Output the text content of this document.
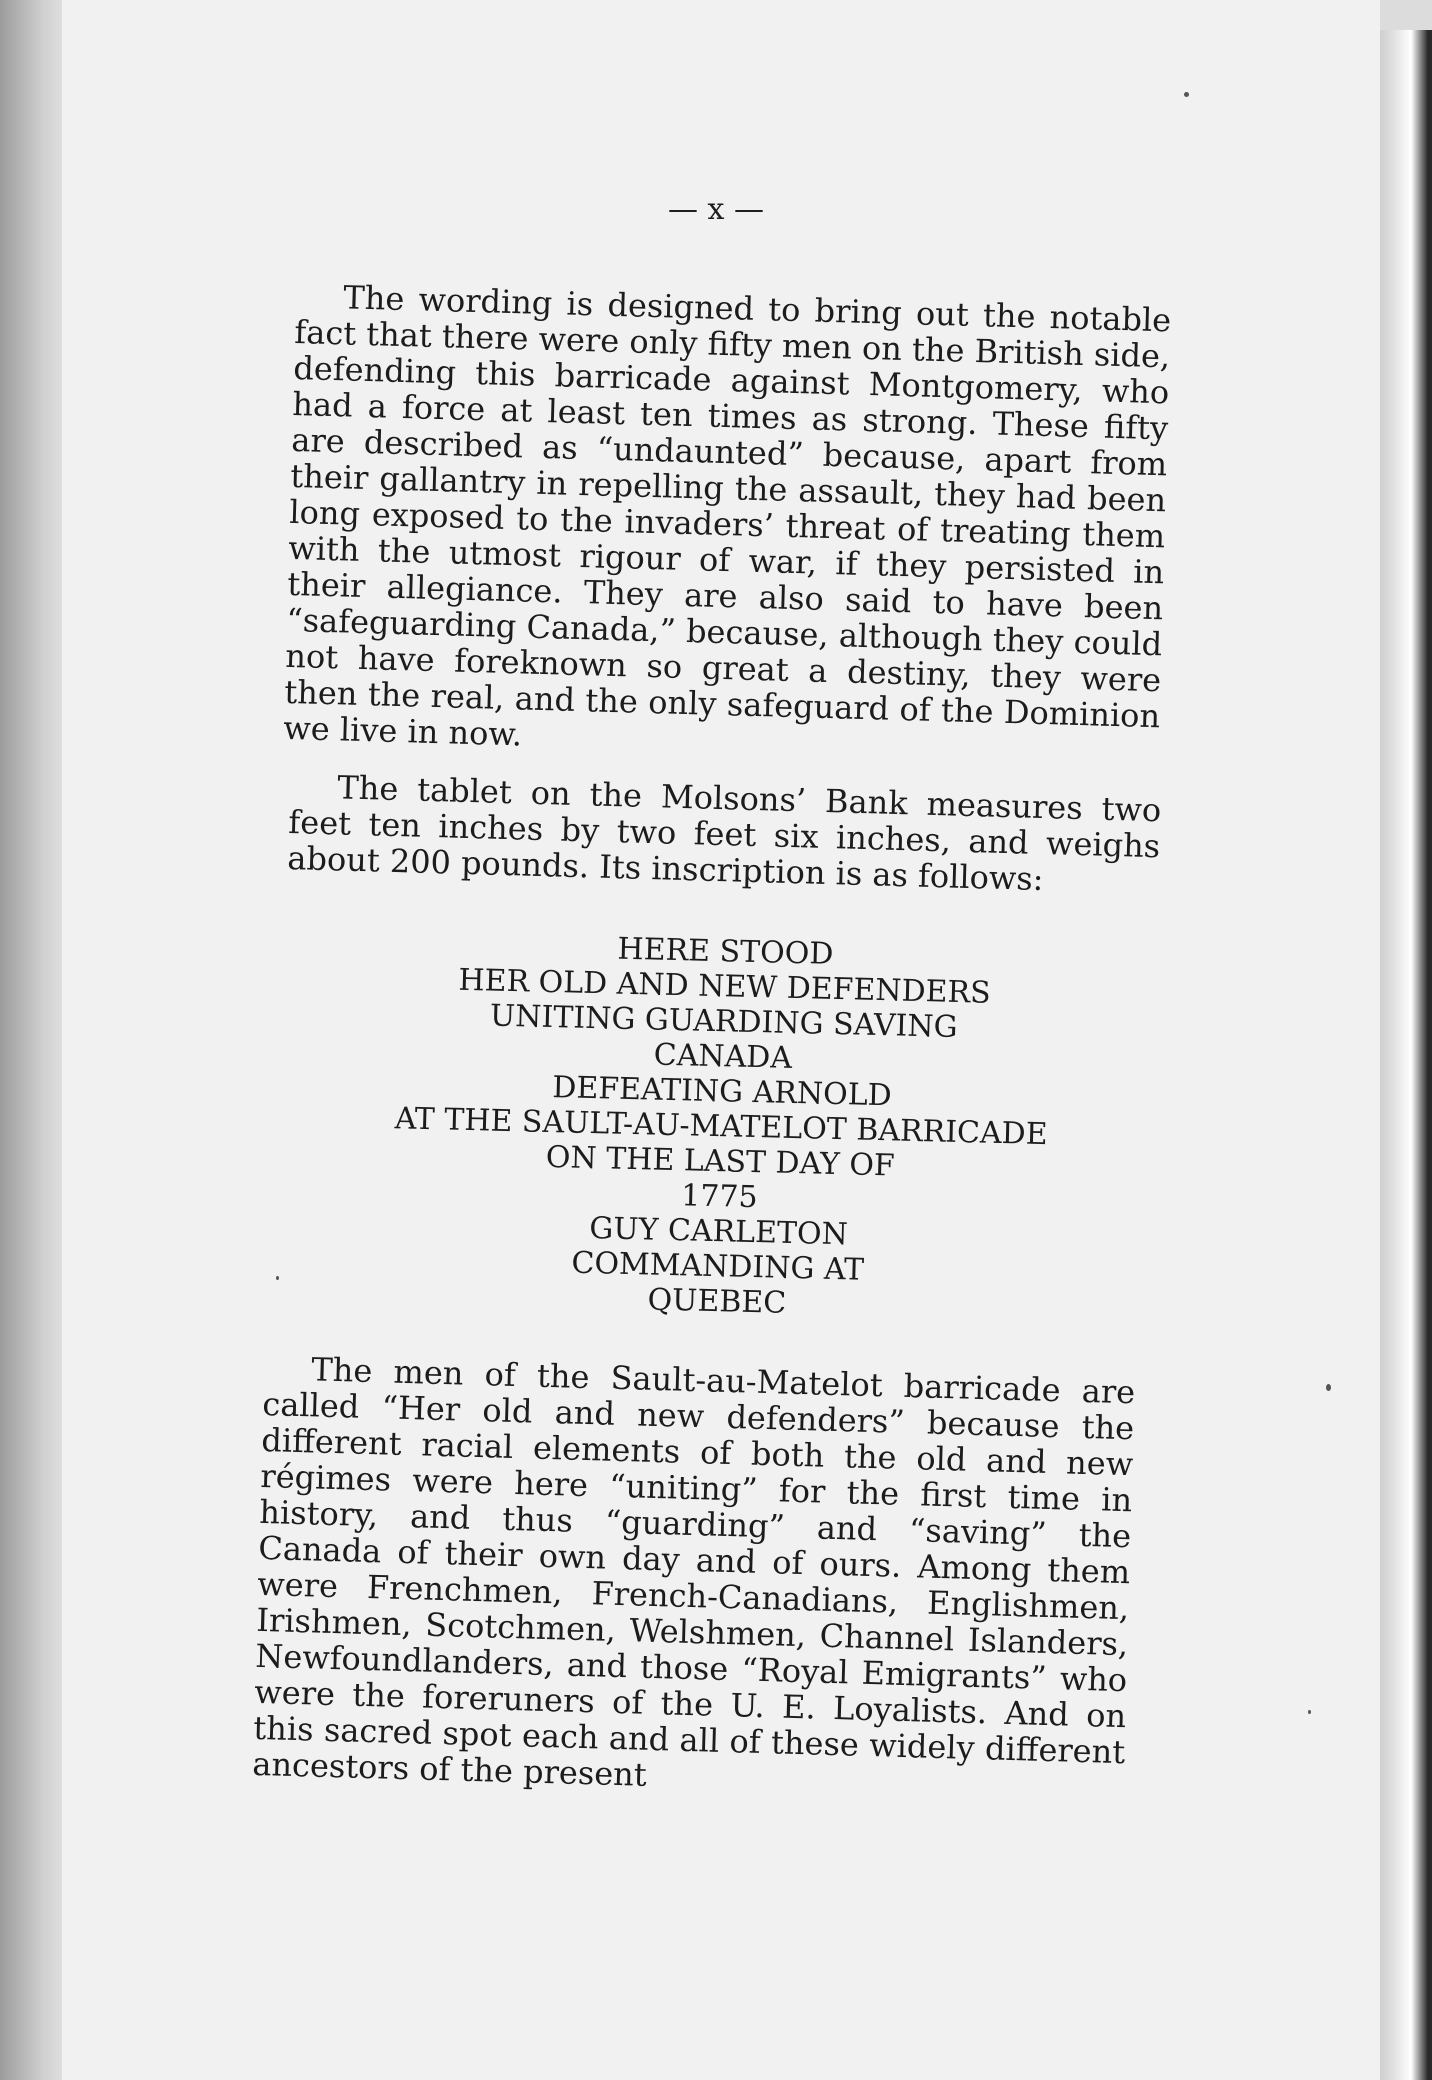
— x —

The wording is designed to bring out the notable fact that there were only fifty men on the British side, defending this barricade against Montgomery, who had a force at least ten times as strong. These fifty are described as “undaunted” because, apart from their gallantry in repelling the assault, they had been long exposed to the invaders’ threat of treating them with the utmost rigour of war, if they persisted in their allegiance. They are also said to have been “safeguarding Canada,” because, although they could not have foreknown so great a destiny, they were then the real, and the only safeguard of the Dominion we live in now.

The tablet on the Molsons’ Bank measures two feet ten inches by two feet six inches, and weighs about 200 pounds. Its inscription is as follows:

HERE STOOD
HER OLD AND NEW DEFENDERS
UNITING GUARDING SAVING
CANADA
DEFEATING ARNOLD
AT THE SAULT-AU-MATELOT BARRICADE
ON THE LAST DAY OF
1775
GUY CARLETON
COMMANDING AT
QUEBEC

The men of the Sault-au-Matelot barricade are called “Her old and new defenders” because the different racial elements of both the old and new régimes were here “uniting” for the first time in history, and thus “guarding” and “saving” the Canada of their own day and of ours. Among them were Frenchmen, French-Canadians, Englishmen, Irishmen, Scotchmen, Welshmen, Channel Islanders, Newfoundlanders, and those “Royal Emigrants” who were the foreruners of the U. E. Loyalists. And on this sacred spot each and all of these widely different ancestors of the present
